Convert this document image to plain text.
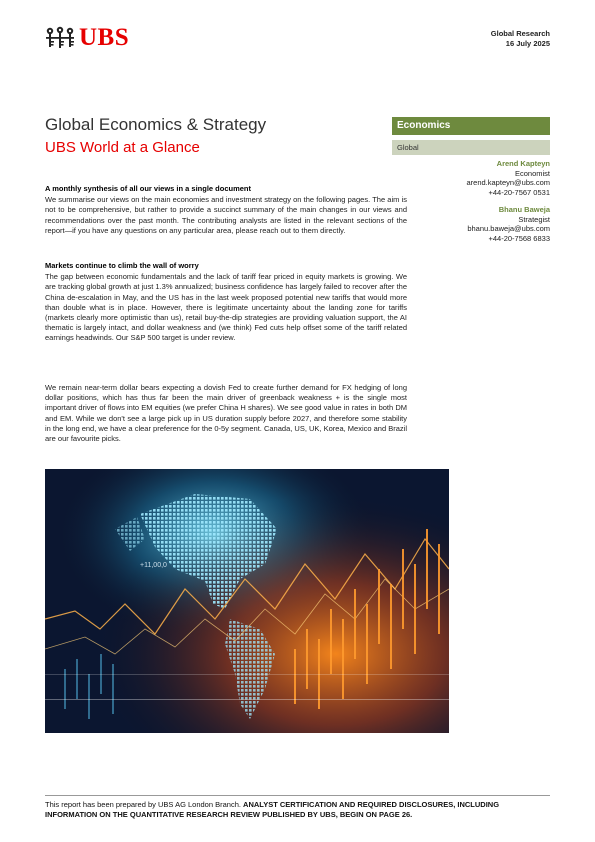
UBS	Global Research
16 July 2025
Global Economics & Strategy
UBS World at a Glance
Economics
Global
Arend Kapteyn
Economist
arend.kapteyn@ubs.com
+44-20-7567 0531
Bhanu Baweja
Strategist
bhanu.baweja@ubs.com
+44-20-7568 6833
A monthly synthesis of all our views in a single document

We summarise our views on the main economies and investment strategy on the following pages. The aim is not to be comprehensive, but rather to provide a succinct summary of the main changes in our views and recommendations over the past month. The contributing analysts are listed in the relevant sections of the report—if you have any questions on any particular area, please reach out to them directly.

Markets continue to climb the wall of worry

The gap between economic fundamentals and the lack of tariff fear priced in equity markets is growing. We are tracking global growth at just 1.3% annualized; business confidence has largely failed to recover after the China de-escalation in May, and the US has in the last week proposed potential new tariffs that would more than double what is in place. However, there is legitimate uncertainty about the landing zone for tariffs (markets clearly more optimistic than us), retail buy-the-dip strategies are providing valuation support, the AI thematic is largely intact, and dollar weakness and (we think) Fed cuts help offset some of the tariff related earnings headwinds. Our S&P 500 target is under review.

We remain near-term dollar bears expecting a dovish Fed to create further demand for FX hedging of long dollar positions, which has thus far been the main driver of greenback weakness + is the single most important driver of flows into EM equities (we prefer China H shares). We see good value in rates in both DM and EM. While we don't see a large pick up in US duration supply before 2027, and therefore some stability in the long end, we have a clear preference for the 0-5y segment. Canada, US, UK, Korea, Mexico and Brazil are our favourite picks.

+11,00,0
This report has been prepared by UBS AG London Branch. ANALYST CERTIFICATION AND REQUIRED DISCLOSURES, INCLUDING INFORMATION ON THE QUANTITATIVE RESEARCH REVIEW PUBLISHED BY UBS, BEGIN ON PAGE 26.
